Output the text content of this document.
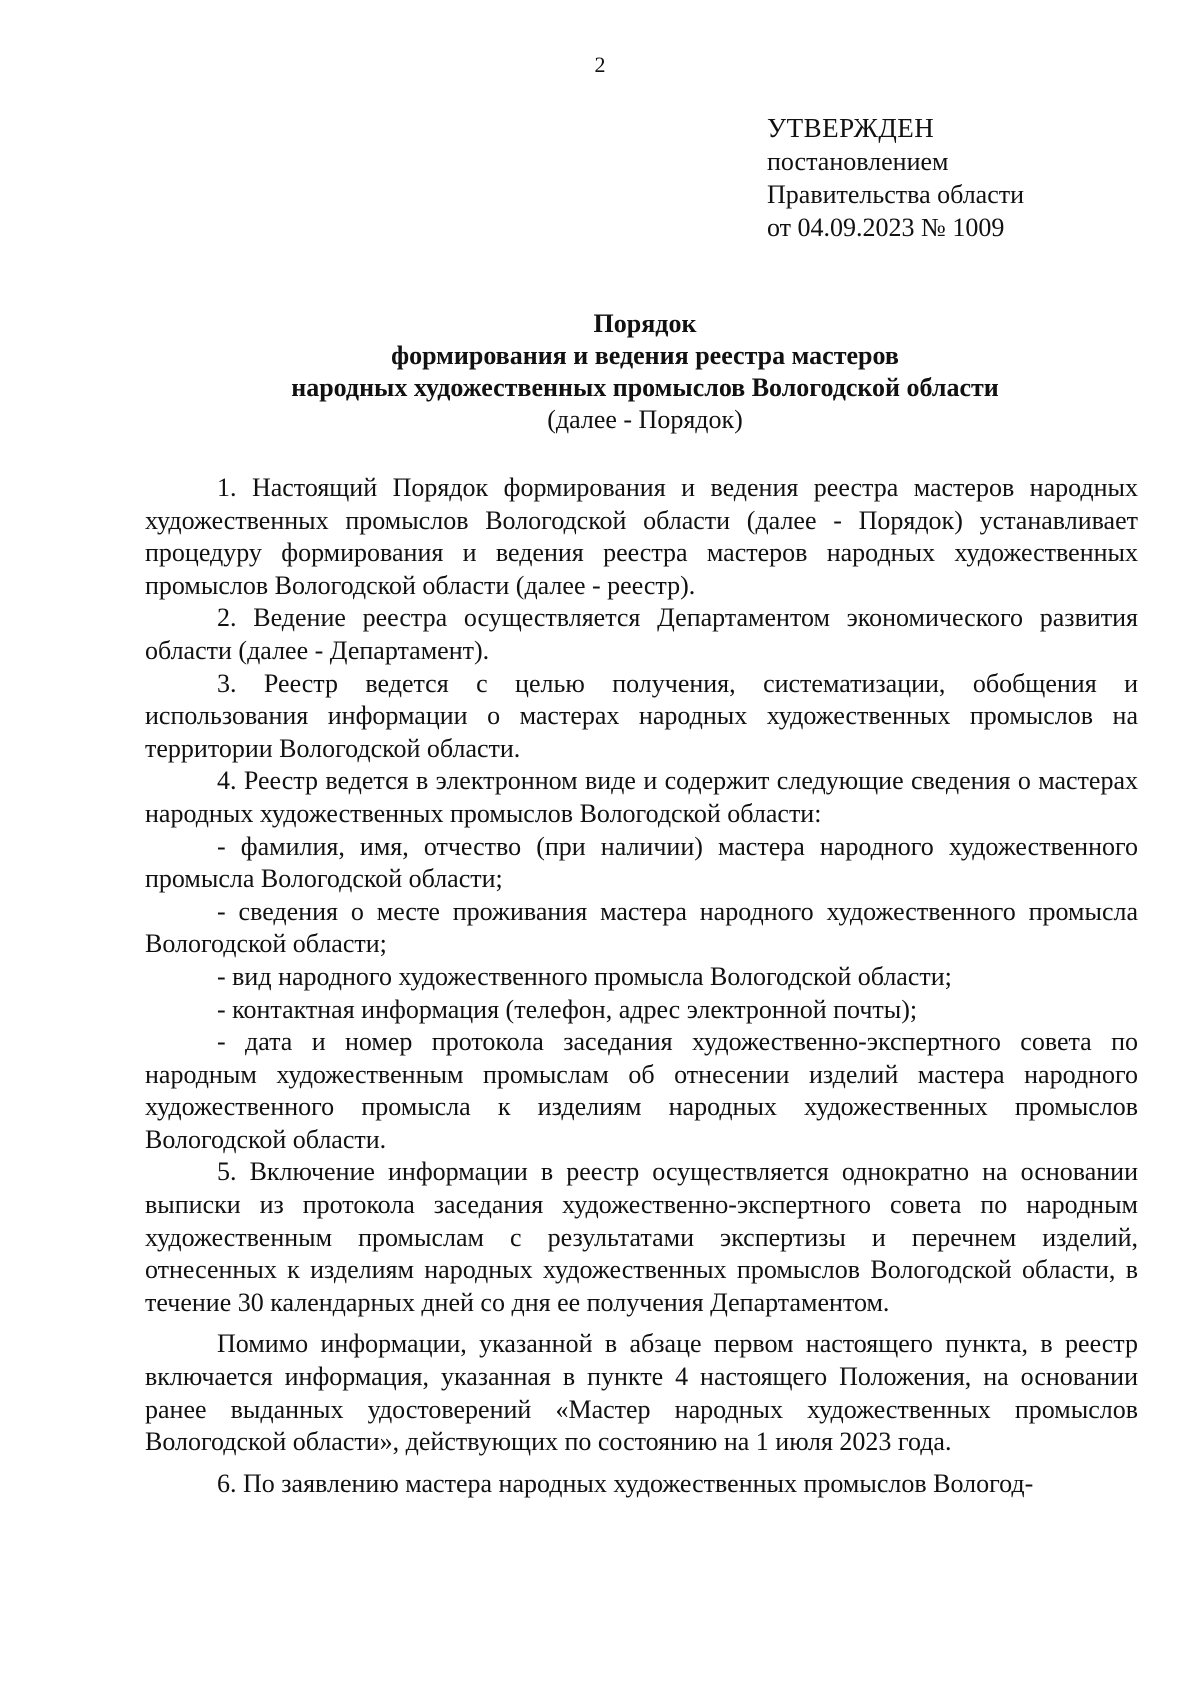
2
УТВЕРЖДЕН
постановлением
Правительства области
от 04.09.2023 № 1009
Порядок
формирования и ведения реестра мастеров
народных художественных промыслов Вологодской области
(далее - Порядок)

1. Настоящий Порядок формирования и ведения реестра мастеров народных художественных промыслов Вологодской области (далее - Порядок) устанавливает процедуру формирования и ведения реестра мастеров народных художественных промыслов Вологодской области (далее - реестр).

2. Ведение реестра осуществляется Департаментом экономического развития области (далее - Департамент).

3. Реестр ведется с целью получения, систематизации, обобщения и использования информации о мастерах народных художественных промыслов на территории Вологодской области.

4. Реестр ведется в электронном виде и содержит следующие сведения о мастерах народных художественных промыслов Вологодской области:

- фамилия, имя, отчество (при наличии) мастера народного художественного промысла Вологодской области;

- сведения о месте проживания мастера народного художественного промысла Вологодской области;

- вид народного художественного промысла Вологодской области;

- контактная информация (телефон, адрес электронной почты);

- дата и номер протокола заседания художественно-экспертного совета по народным художественным промыслам об отнесении изделий мастера народного художественного промысла к изделиям народных художественных промыслов Вологодской области.

5. Включение информации в реестр осуществляется однократно на основании выписки из протокола заседания художественно-экспертного совета по народным художественным промыслам с результатами экспертизы и перечнем изделий, отнесенных к изделиям народных художественных промыслов Вологодской области, в течение 30 календарных дней со дня ее получения Департаментом.

Помимо информации, указанной в абзаце первом настоящего пункта, в реестр включается информация, указанная в пункте 4 настоящего Положения, на основании ранее выданных удостоверений «Мастер народных художественных промыслов Вологодской области», действующих по состоянию на 1 июля 2023 года.

6. По заявлению мастера народных художественных промыслов Вологод-
